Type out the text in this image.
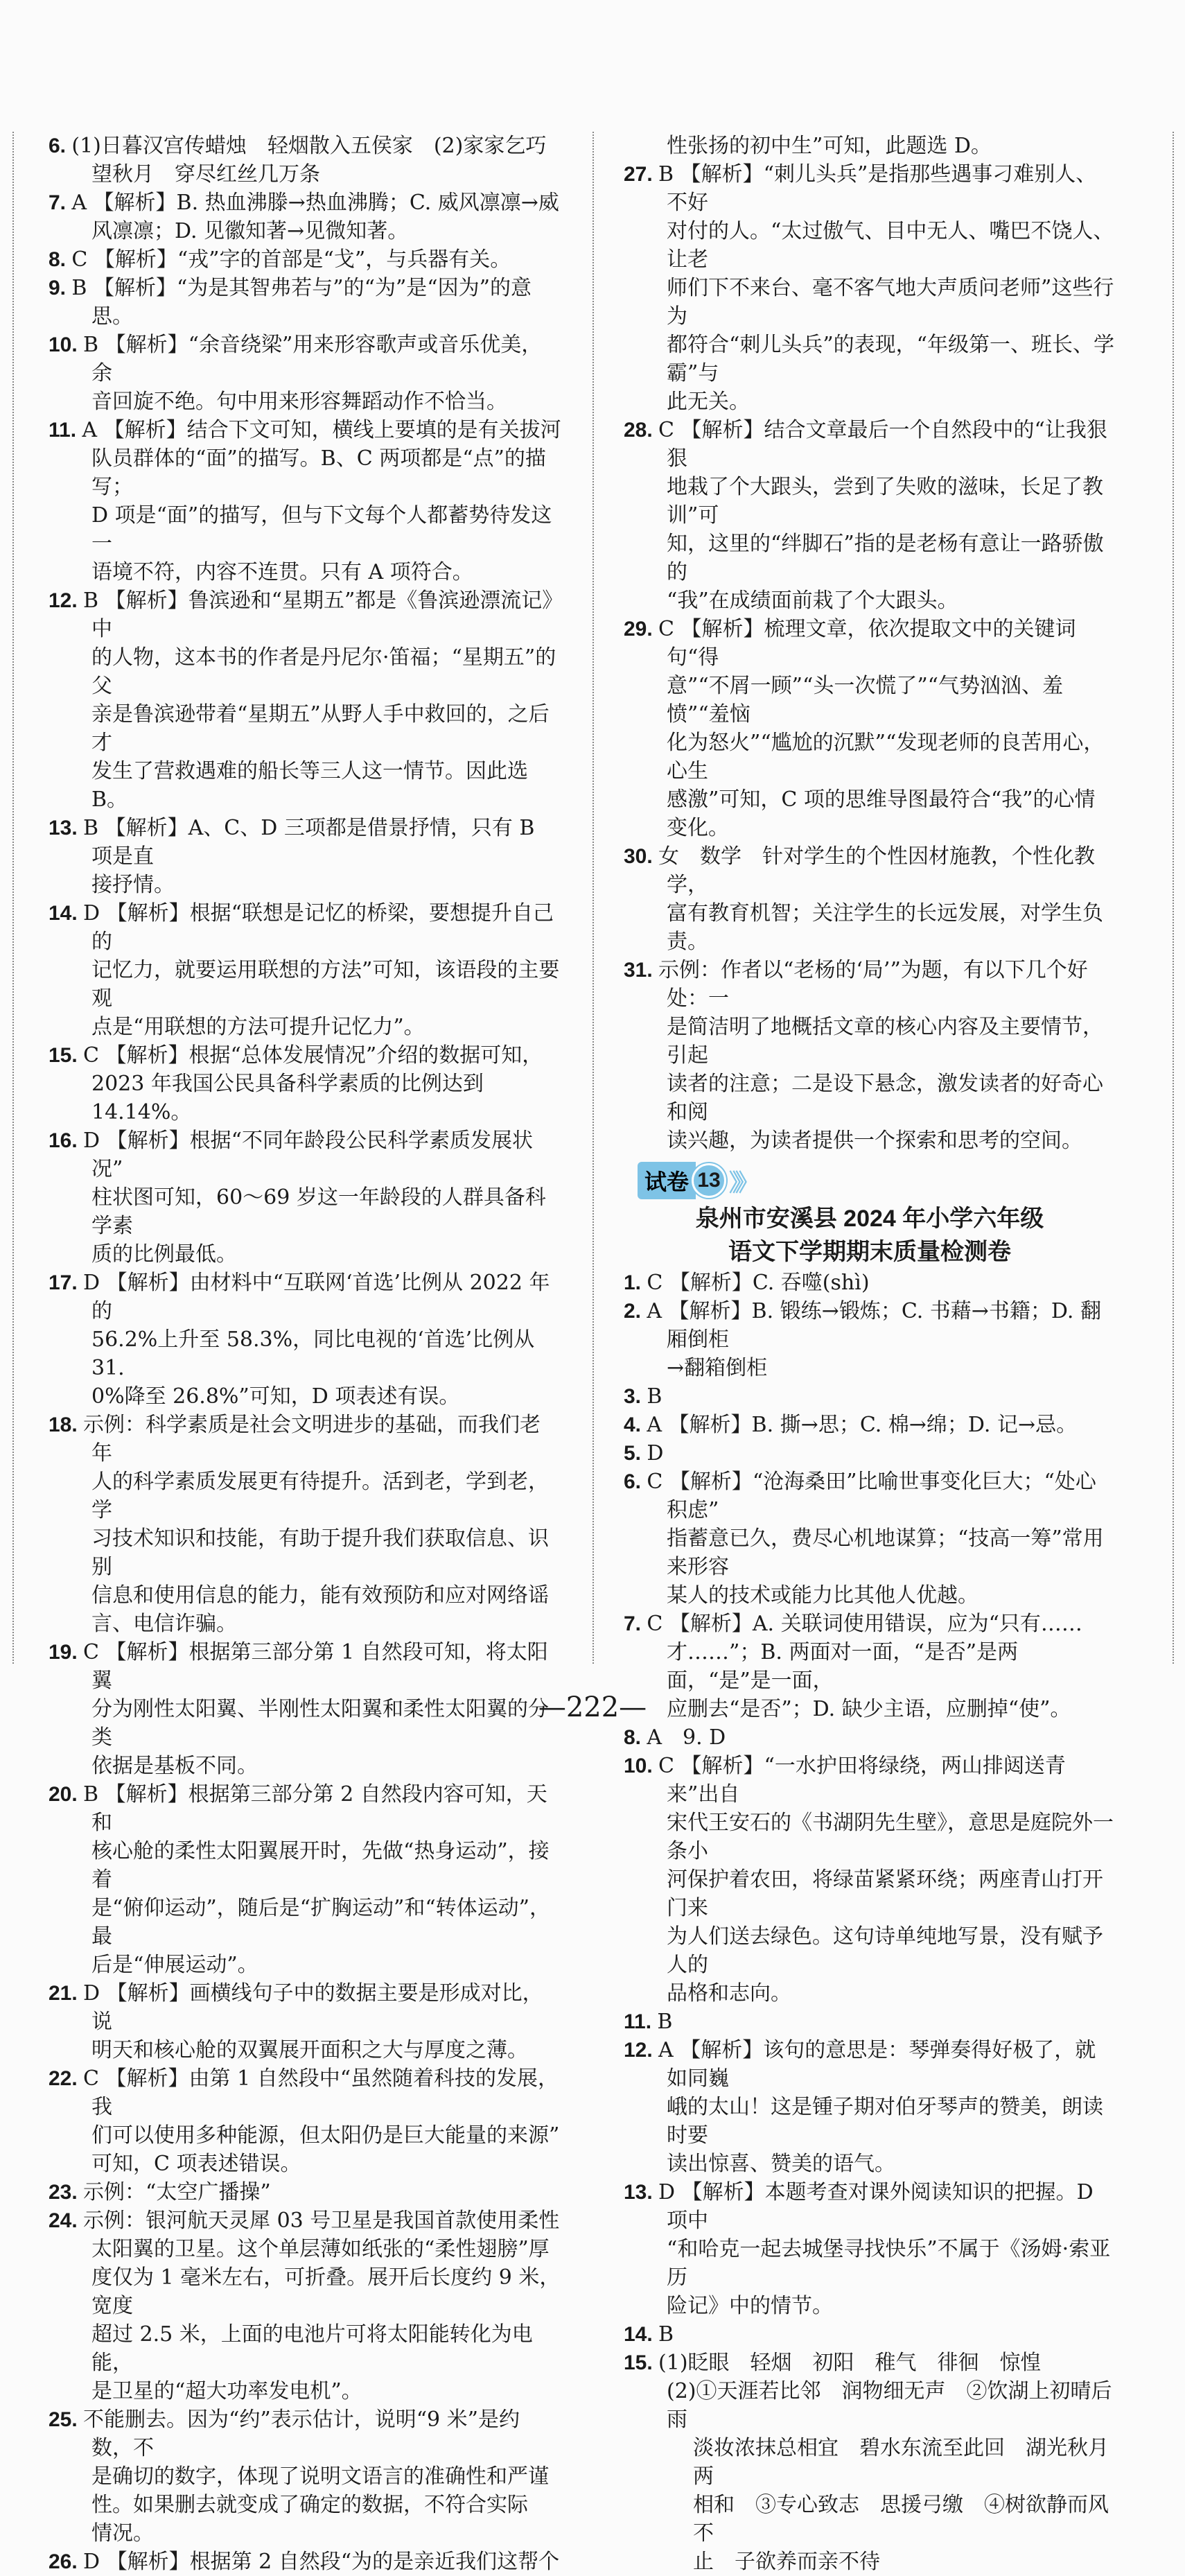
6. (1)日暮汉宫传蜡烛　轻烟散入五侯家　(2)家家乞巧

望秋月　穿尽红丝几万条

7. A 【解析】B. 热血沸滕→热血沸腾；C. 威风凛凛→威

风凛凛；D. 见徽知著→见微知著。

8. C 【解析】“戎”字的首部是“戈”，与兵器有关。

9. B 【解析】“为是其智弗若与”的“为”是“因为”的意思。

10. B 【解析】“余音绕梁”用来形容歌声或音乐优美，余

音回旋不绝。句中用来形容舞蹈动作不恰当。

11. A 【解析】结合下文可知，横线上要填的是有关拔河

队员群体的“面”的描写。B、C 两项都是“点”的描写；

D 项是“面”的描写，但与下文每个人都蓄势待发这一

语境不符，内容不连贯。只有 A 项符合。

12. B 【解析】鲁滨逊和“星期五”都是《鲁滨逊漂流记》中

的人物，这本书的作者是丹尼尔·笛福；“星期五”的父

亲是鲁滨逊带着“星期五”从野人手中救回的，之后才

发生了营救遇难的船长等三人这一情节。因此选 B。

13. B 【解析】A、C、D 三项都是借景抒情，只有 B 项是直

接抒情。

14. D 【解析】根据“联想是记忆的桥梁，要想提升自己的

记忆力，就要运用联想的方法”可知，该语段的主要观

点是“用联想的方法可提升记忆力”。

15. C 【解析】根据“总体发展情况”介绍的数据可知，

2023 年我国公民具备科学素质的比例达到 14.14%。

16. D 【解析】根据“不同年龄段公民科学素质发展状况”

柱状图可知，60～69 岁这一年龄段的人群具备科学素

质的比例最低。

17. D 【解析】由材料中“互联网‘首选’比例从 2022 年的

56.2%上升至 58.3%，同比电视的‘首选’比例从 31.

0%降至 26.8%”可知，D 项表述有误。

18. 示例：科学素质是社会文明进步的基础，而我们老年

人的科学素质发展更有待提升。活到老，学到老，学

习技术知识和技能，有助于提升我们获取信息、识别

信息和使用信息的能力，能有效预防和应对网络谣

言、电信诈骗。

19. C 【解析】根据第三部分第 1 自然段可知，将太阳翼

分为刚性太阳翼、半刚性太阳翼和柔性太阳翼的分类

依据是基板不同。

20. B 【解析】根据第三部分第 2 自然段内容可知，天和

核心舱的柔性太阳翼展开时，先做“热身运动”，接着

是“俯仰运动”，随后是“扩胸运动”和“转体运动”，最

后是“伸展运动”。

21. D 【解析】画横线句子中的数据主要是形成对比，说

明天和核心舱的双翼展开面积之大与厚度之薄。

22. C 【解析】由第 1 自然段中“虽然随着科技的发展，我

们可以使用多种能源，但太阳仍是巨大能量的来源”

可知，C 项表述错误。

23. 示例：“太空广播操”

24. 示例：银河航天灵犀 03 号卫星是我国首款使用柔性

太阳翼的卫星。这个单层薄如纸张的“柔性翅膀”厚

度仅为 1 毫米左右，可折叠。展开后长度约 9 米，宽度

超过 2.5 米，上面的电池片可将太阳能转化为电能，

是卫星的“超大功率发电机”。

25. 不能删去。因为“约”表示估计，说明“9 米”是约数，不

是确切的数字，体现了说明文语言的准确性和严谨

性。如果删去就变成了确定的数据，不符合实际

情况。

26. D 【解析】根据第 2 自然段“为的是亲近我们这帮个

性张扬的初中生”可知，此题选 D。

27. B 【解析】“刺儿头兵”是指那些遇事刁难别人、不好

对付的人。“太过傲气、目中无人、嘴巴不饶人、让老

师们下不来台、毫不客气地大声质问老师”这些行为

都符合“刺儿头兵”的表现，“年级第一、班长、学霸”与

此无关。

28. C 【解析】结合文章最后一个自然段中的“让我狠狠

地栽了个大跟头，尝到了失败的滋味，长足了教训”可

知，这里的“绊脚石”指的是老杨有意让一路骄傲的

“我”在成绩面前栽了个大跟头。

29. C 【解析】梳理文章，依次提取文中的关键词句“得

意”“不屑一顾”“头一次慌了”“气势汹汹、羞愤”“羞恼

化为怒火”“尴尬的沉默”“发现老师的良苦用心，心生

感激”可知，C 项的思维导图最符合“我”的心情变化。

30. 女　数学　针对学生的个性因材施教，个性化教学，

富有教育机智；关注学生的长远发展，对学生负责。

31. 示例：作者以“老杨的‘局’”为题，有以下几个好处：一

是简洁明了地概括文章的核心内容及主要情节，引起

读者的注意；二是设下悬念，激发读者的好奇心和阅

读兴趣，为读者提供一个探索和思考的空间。

试卷 13 》》

泉州市安溪县 2024 年小学六年级

语文下学期期末质量检测卷

1. C 【解析】C. 吞噬(shì)

2. A 【解析】B. 锻练→锻炼；C. 书藉→书籍；D. 翻厢倒柜

→翻箱倒柜

3. B

4. A 【解析】B. 撕→思；C. 棉→绵；D. 记→忌。

5. D

6. C 【解析】“沧海桑田”比喻世事变化巨大；“处心积虑”

指蓄意已久，费尽心机地谋算；“技高一筹”常用来形容

某人的技术或能力比其他人优越。

7. C 【解析】A. 关联词使用错误，应为“只有……

才……”；B. 两面对一面，“是否”是两面，“是”是一面，

应删去“是否”；D. 缺少主语，应删掉“使”。

8. A　9. D

10. C 【解析】“一水护田将绿绕，两山排闼送青来”出自

宋代王安石的《书湖阴先生壁》，意思是庭院外一条小

河保护着农田，将绿苗紧紧环绕；两座青山打开门来

为人们送去绿色。这句诗单纯地写景，没有赋予人的

品格和志向。

11. B

12. A 【解析】该句的意思是：琴弹奏得好极了，就如同巍

峨的太山！这是锺子期对伯牙琴声的赞美，朗读时要

读出惊喜、赞美的语气。

13. D 【解析】本题考查对课外阅读知识的把握。D 项中

“和哈克一起去城堡寻找快乐”不属于《汤姆·索亚历

险记》中的情节。

14. B

15. (1)眨眼　轻烟　初阳　稚气　徘徊　惊惶

(2)①天涯若比邻　润物细无声　②饮湖上初晴后雨

淡妆浓抹总相宜　碧水东流至此回　湖光秋月两

相和　③专心致志　思援弓缴　④树欲静而风不

止　子欲养而亲不待

—222—
